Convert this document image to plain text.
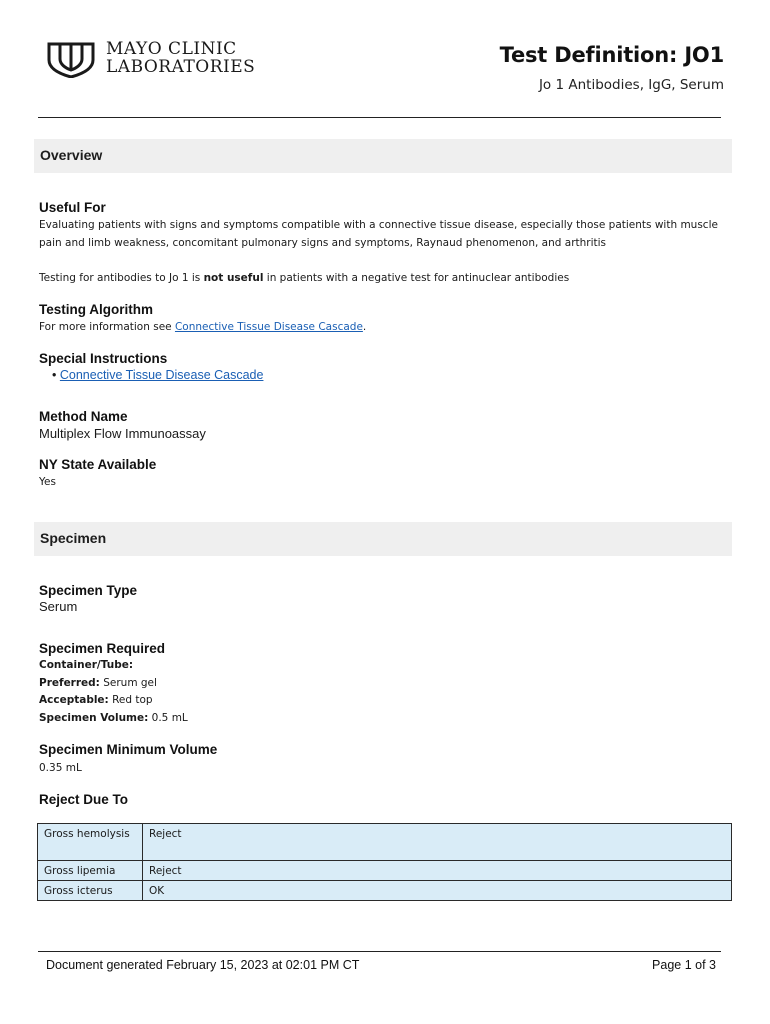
MAYO CLINIC
LABORATORIES	Test Definition: JO1
Jo 1 Antibodies, IgG, Serum
Overview
Useful For
Evaluating patients with signs and symptoms compatible with a connective tissue disease, especially those patients with muscle pain and limb weakness, concomitant pulmonary signs and symptoms, Raynaud phenomenon, and arthritis
Testing for antibodies to Jo 1 is not useful in patients with a negative test for antinuclear antibodies
Testing Algorithm
For more information see Connective Tissue Disease Cascade.
Special Instructions
• Connective Tissue Disease Cascade
Method Name
Multiplex Flow Immunoassay
NY State Available
Yes
Specimen
Specimen Type
Serum
Specimen Required
Container/Tube:
Preferred: Serum gel
Acceptable: Red top
Specimen Volume: 0.5 mL
Specimen Minimum Volume
0.35 mL
Reject Due To
Gross hemolysis	Reject
Gross lipemia	Reject
Gross icterus	OK
Document generated February 15, 2023 at 02:01 PM CT	Page 1 of 3
